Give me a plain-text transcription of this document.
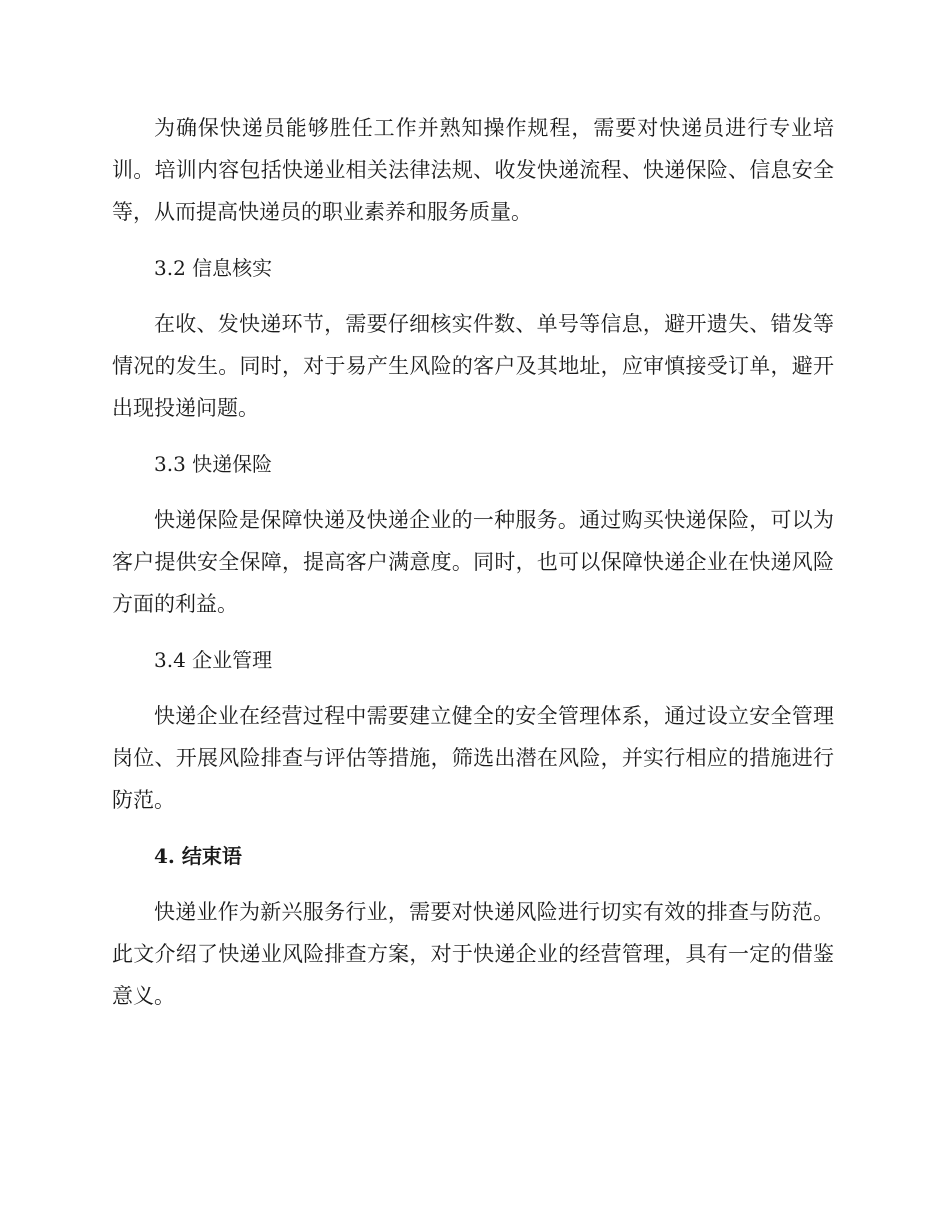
为确保快递员能够胜任工作并熟知操作规程，需要对快递员进行专业培训。培训内容包括快递业相关法律法规、收发快递流程、快递保险、信息安全等，从而提高快递员的职业素养和服务质量。

3.2 信息核实

在收、发快递环节，需要仔细核实件数、单号等信息，避开遗失、错发等情况的发生。同时，对于易产生风险的客户及其地址，应审慎接受订单，避开出现投递问题。

3.3 快递保险

快递保险是保障快递及快递企业的一种服务。通过购买快递保险，可以为客户提供安全保障，提高客户满意度。同时，也可以保障快递企业在快递风险方面的利益。

3.4 企业管理

快递企业在经营过程中需要建立健全的安全管理体系，通过设立安全管理岗位、开展风险排查与评估等措施，筛选出潜在风险，并实行相应的措施进行防范。

4. 结束语

快递业作为新兴服务行业，需要对快递风险进行切实有效的排查与防范。此文介绍了快递业风险排查方案，对于快递企业的经营管理，具有一定的借鉴意义。
